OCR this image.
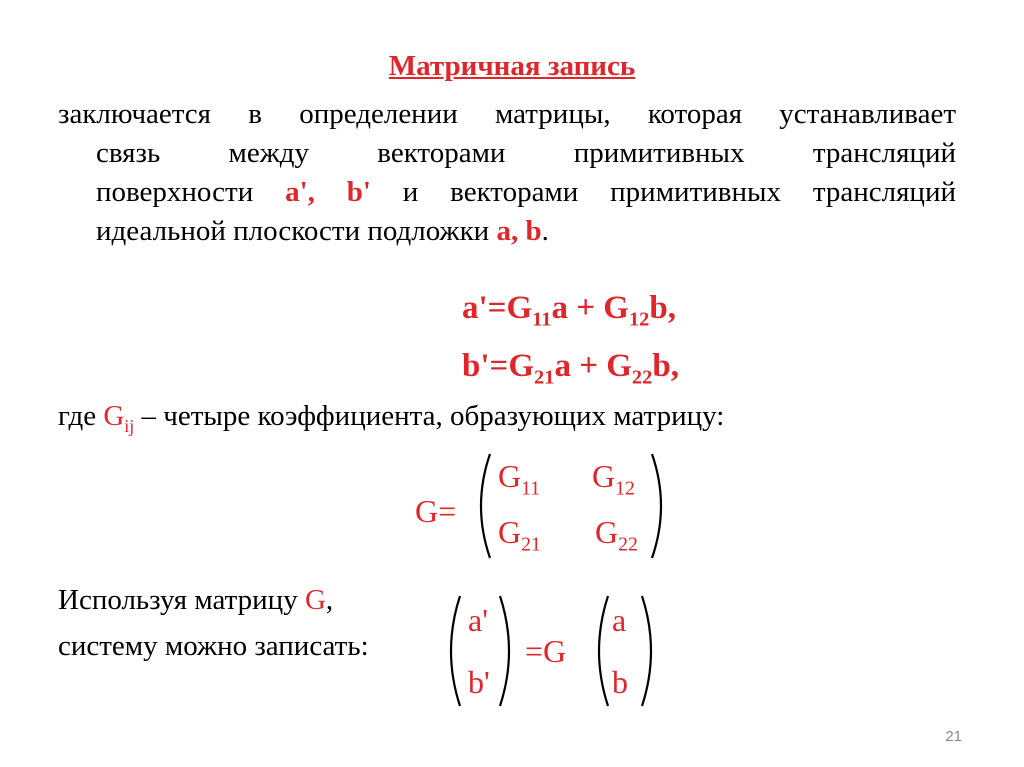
Матричная запись
заключается в определении матрицы, которая устанавливает
связь между векторами примитивных трансляций
поверхности a', b' и векторами примитивных трансляций
идеальной плоскости подложки a, b.
$a'=G_{11}a + G_{12}b$,
$b'=G_{21}a + G_{22}b$,
где $G_{ij}$ – четыре коэффициента, образующих матрицу:
G=
$G_{11}$ $G_{12}$
$G_{21}$ $G_{22}$
Используя матрицу G,
систему можно записать:
a'
b'
=G
a
b
21
